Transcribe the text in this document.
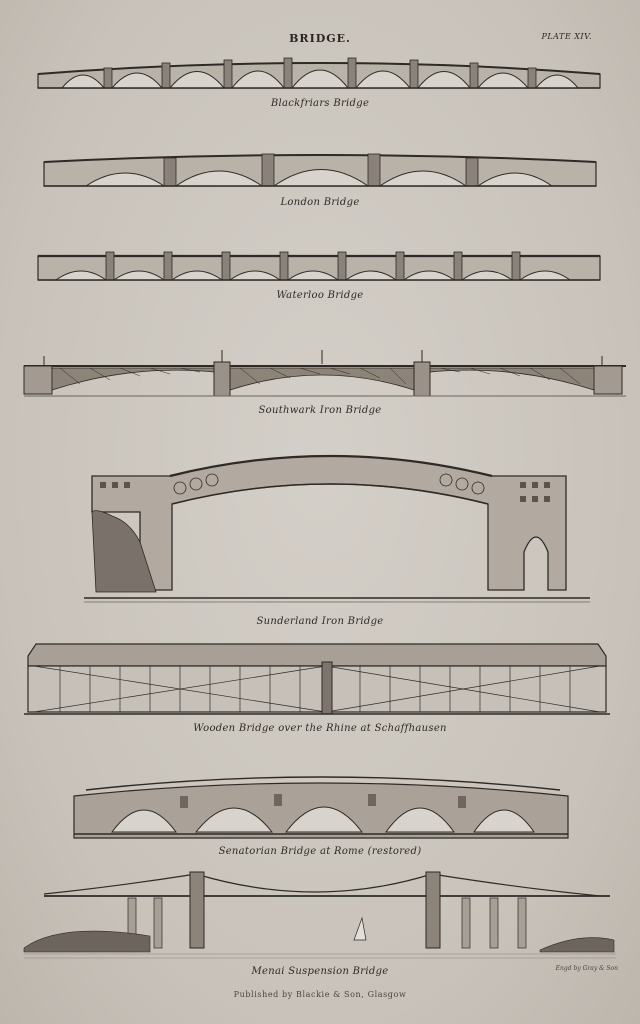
BRIDGE.	PLATE XIV.
Blackfriars Bridge
London Bridge
Waterloo Bridge
Southwark Iron Bridge
Sunderland Iron Bridge
Wooden Bridge over the Rhine at Schaffhausen
Senatorian Bridge at Rome (restored)
Menai Suspension Bridge	Engd by Gray & Son
Published by Blackie & Son, Glasgow
